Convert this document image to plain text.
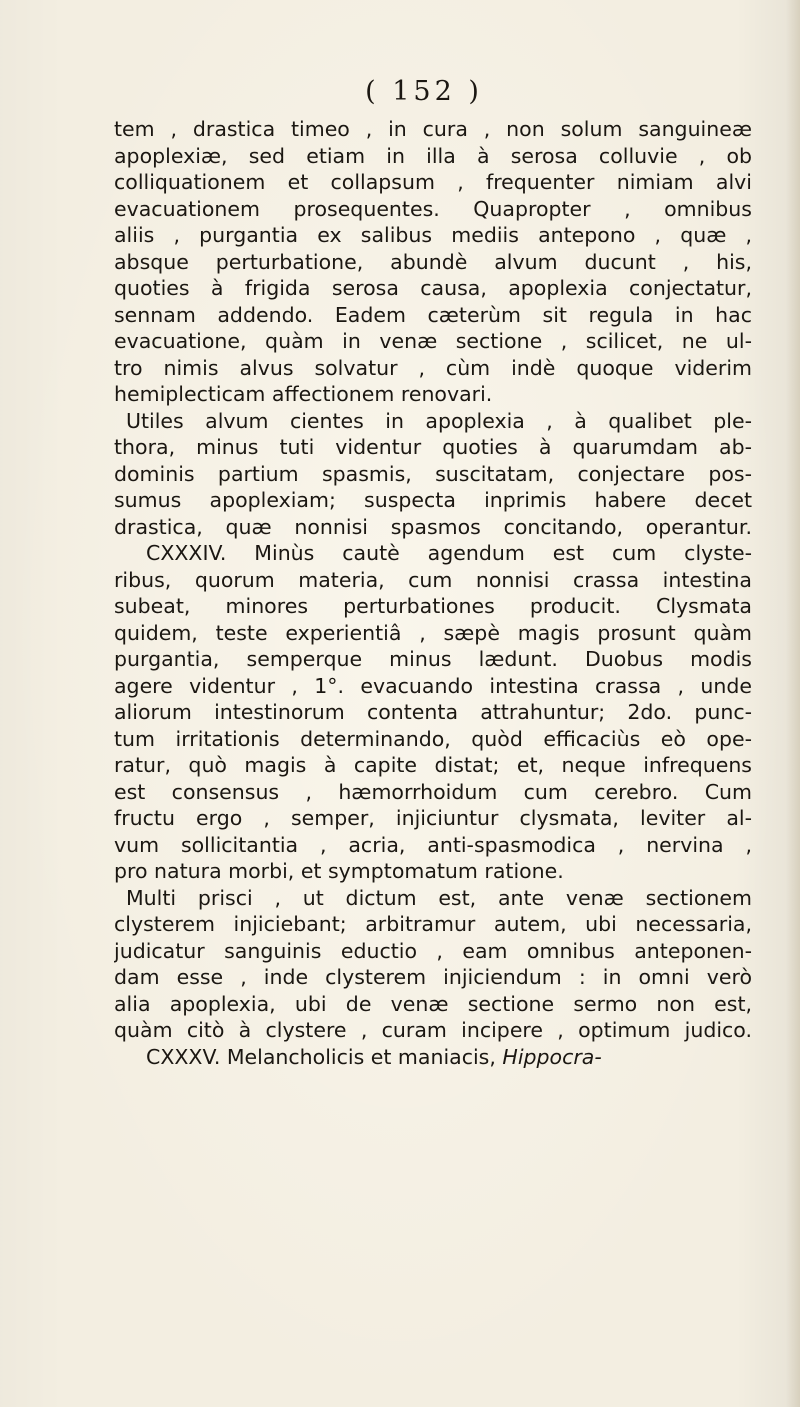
( 152 )
tem , drastica timeo , in cura , non solum sanguineæ
apoplexiæ, sed etiam in illa à serosa colluvie , ob
colliquationem et collapsum , frequenter nimiam alvi
evacuationem prosequentes. Quapropter , omnibus
aliis , purgantia ex salibus mediis antepono , quæ ,
absque perturbatione, abundè alvum ducunt , his,
quoties à frigida serosa causa, apoplexia conjectatur,
sennam addendo. Eadem cæterùm sit regula in hac
evacuatione, quàm in venæ sectione , scilicet, ne ul-
tro nimis alvus solvatur , cùm indè quoque viderim
hemiplecticam affectionem renovari.
Utiles alvum cientes in apoplexia , à qualibet ple-
thora, minus tuti videntur quoties à quarumdam ab-
dominis partium spasmis, suscitatam, conjectare pos-
sumus apoplexiam; suspecta inprimis habere decet
drastica, quæ nonnisi spasmos concitando, operantur.
CXXXIV. Minùs cautè agendum est cum clyste-
ribus, quorum materia, cum nonnisi crassa intestina
subeat, minores perturbationes producit. Clysmata
quidem, teste experientiâ , sæpè magis prosunt quàm
purgantia, semperque minus lædunt. Duobus modis
agere videntur , 1°. evacuando intestina crassa , unde
aliorum intestinorum contenta attrahuntur; 2do. punc-
tum irritationis determinando, quòd efficaciùs eò ope-
ratur, quò magis à capite distat; et, neque infrequens
est consensus , hæmorrhoidum cum cerebro. Cum
fructu ergo , semper, injiciuntur clysmata, leviter al-
vum sollicitantia , acria, anti-spasmodica , nervina ,
pro natura morbi, et symptomatum ratione.
Multi prisci , ut dictum est, ante venæ sectionem
clysterem injiciebant; arbitramur autem, ubi necessaria,
judicatur sanguinis eductio , eam omnibus anteponen-
dam esse , inde clysterem injiciendum : in omni verò
alia apoplexia, ubi de venæ sectione sermo non est,
quàm citò à clystere , curam incipere , optimum judico.
CXXXV. Melancholicis et maniacis, Hippocra-
